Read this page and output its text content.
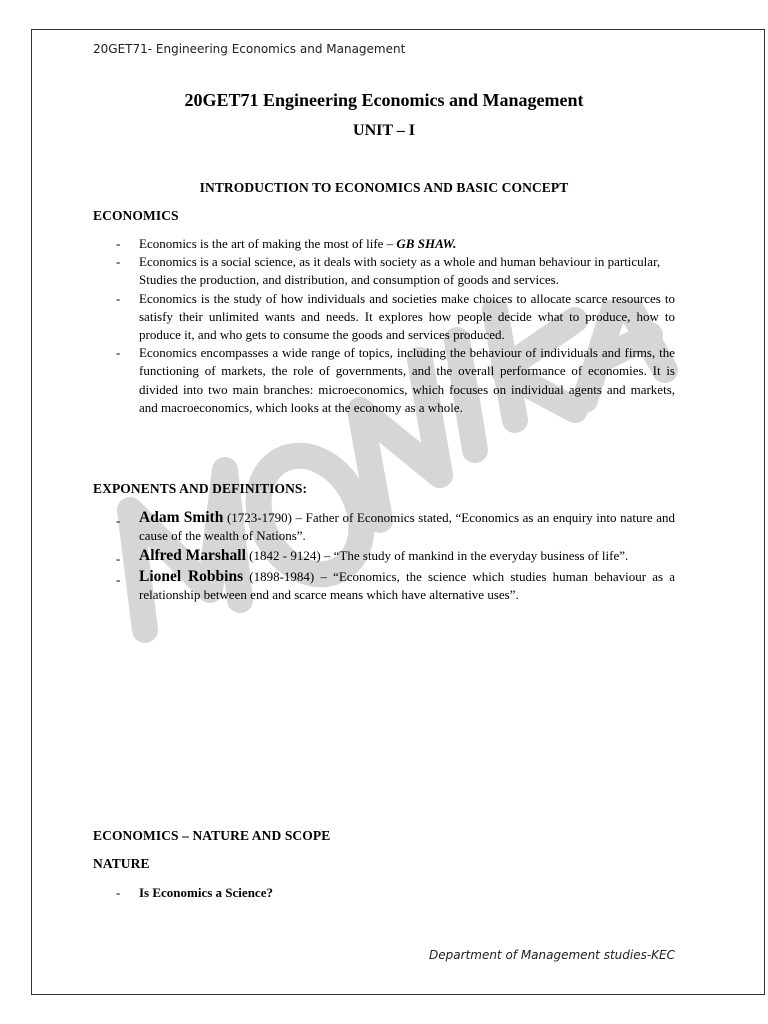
20GET71- Engineering Economics and Management
20GET71 Engineering Economics and Management
UNIT – I
INTRODUCTION TO ECONOMICS AND BASIC CONCEPT
ECONOMICS
- Economics is the art of making the most of life – GB SHAW.
- Economics is a social science, as it deals with society as a whole and human behaviour in particular, Studies the production, and distribution, and consumption of goods and services.
- Economics is the study of how individuals and societies make choices to allocate scarce resources to satisfy their unlimited wants and needs. It explores how people decide what to produce, how to produce it, and who gets to consume the goods and services produced.
- Economics encompasses a wide range of topics, including the behaviour of individuals and firms, the functioning of markets, the role of governments, and the overall performance of economies. It is divided into two main branches: microeconomics, which focuses on individual agents and markets, and macroeconomics, which looks at the economy as a whole.
EXPONENTS AND DEFINITIONS:
- Adam Smith (1723-1790) – Father of Economics stated, “Economics as an enquiry into nature and cause of the wealth of Nations”.
- Alfred Marshall (1842 - 9124) – “The study of mankind in the everyday business of life”.
- Lionel Robbins (1898-1984) – “Economics, the science which studies human behaviour as a relationship between end and scarce means which have alternative uses”.
ECONOMICS – NATURE AND SCOPE
NATURE
- Is Economics a Science?
Department of Management studies-KEC
